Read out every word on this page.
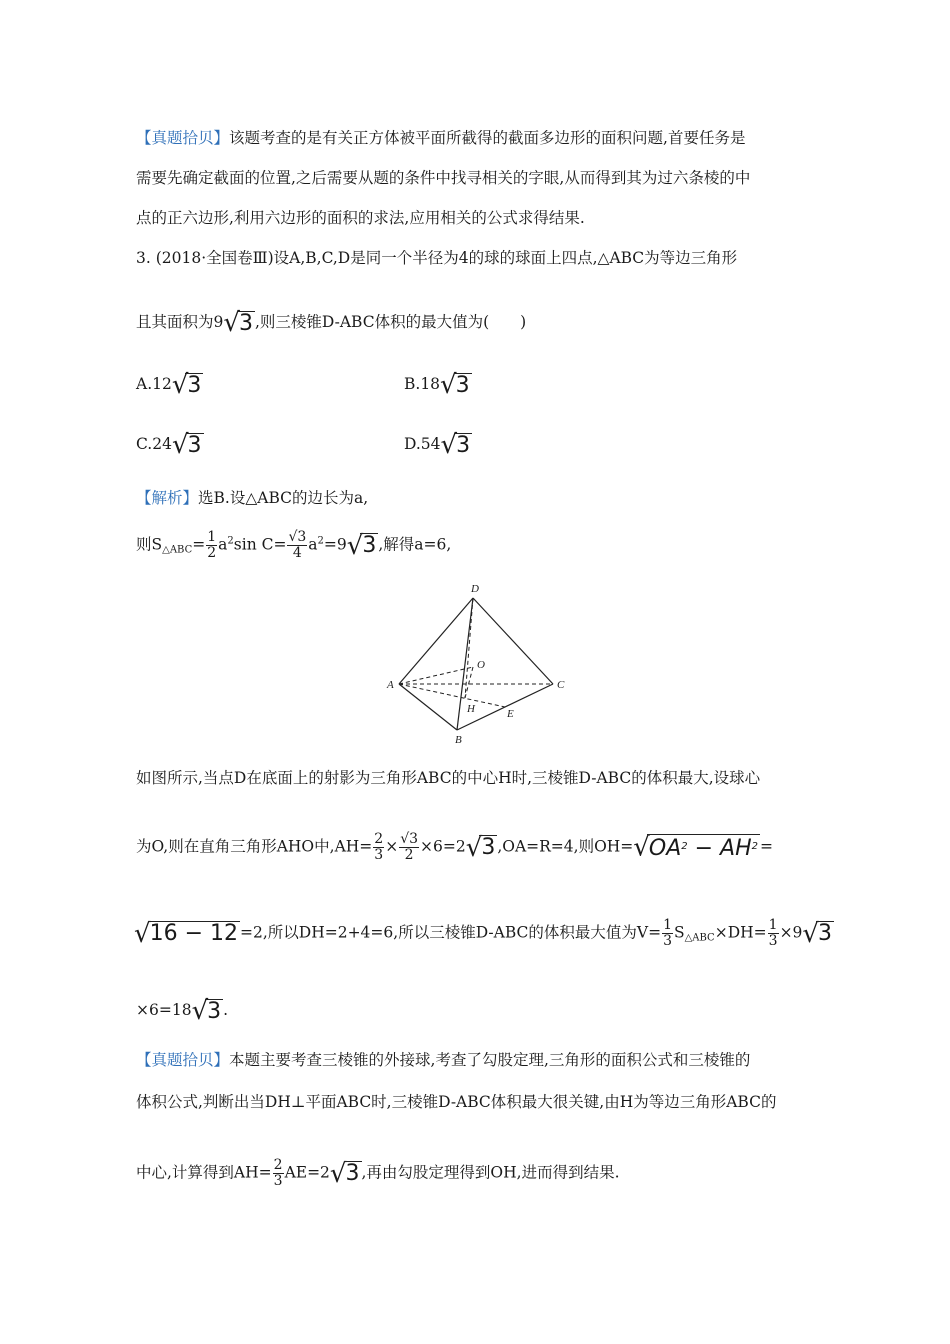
【真题拾贝】该题考查的是有关正方体被平面所截得的截面多边形的面积问题,首要任务是
需要先确定截面的位置,之后需要从题的条件中找寻相关的字眼,从而得到其为过六条棱的中
点的正六边形,利用六边形的面积的求法,应用相关的公式求得结果.
3. (2018·全国卷Ⅲ)设A,B,C,D是同一个半径为4的球的球面上四点,△ABC为等边三角形
且其面积为9√3 ,则三棱锥D-ABC体积的最大值为(　　)
A.12√3	B.18√3
C.24√3	D.54√3
【解析】选B.设△ABC的边长为a,
则$S_{\triangle ABC}= \frac{1}{2} a^2\sin$ $C= \frac{√3}{4} a^2=9√3$ ,解得a=6,
D
O
A	C
H	E
B
如图所示,当点D在底面上的射影为三角形ABC的中心H时,三棱锥D-ABC的体积最大,设球心
为O,则在直角三角形AHO中$,AH= \frac{2}{3} \times \frac{√3}{2} \times 6=2√3$ ,OA=R=4,则$OH=√OA^2 - AH^2$ =
√16 − 12 =2,所以DH=2+4=6,所以三棱锥D-ABC的体积最大值为$V= \frac{1}{3} S_{\triangle ABC}\times DH= \frac{1}{3} \times 9√3$
×6=18√3 .
【真题拾贝】本题主要考查三棱锥的外接球,考查了勾股定理,三角形的面积公式和三棱锥的
体积公式,判断出当DH⊥平面ABC时,三棱锥D-ABC体积最大很关键,由H为等边三角形ABC的
中心,计算得到$AH= \frac{2}{3} AE=2√3$ ,再由勾股定理得到OH,进而得到结果.
